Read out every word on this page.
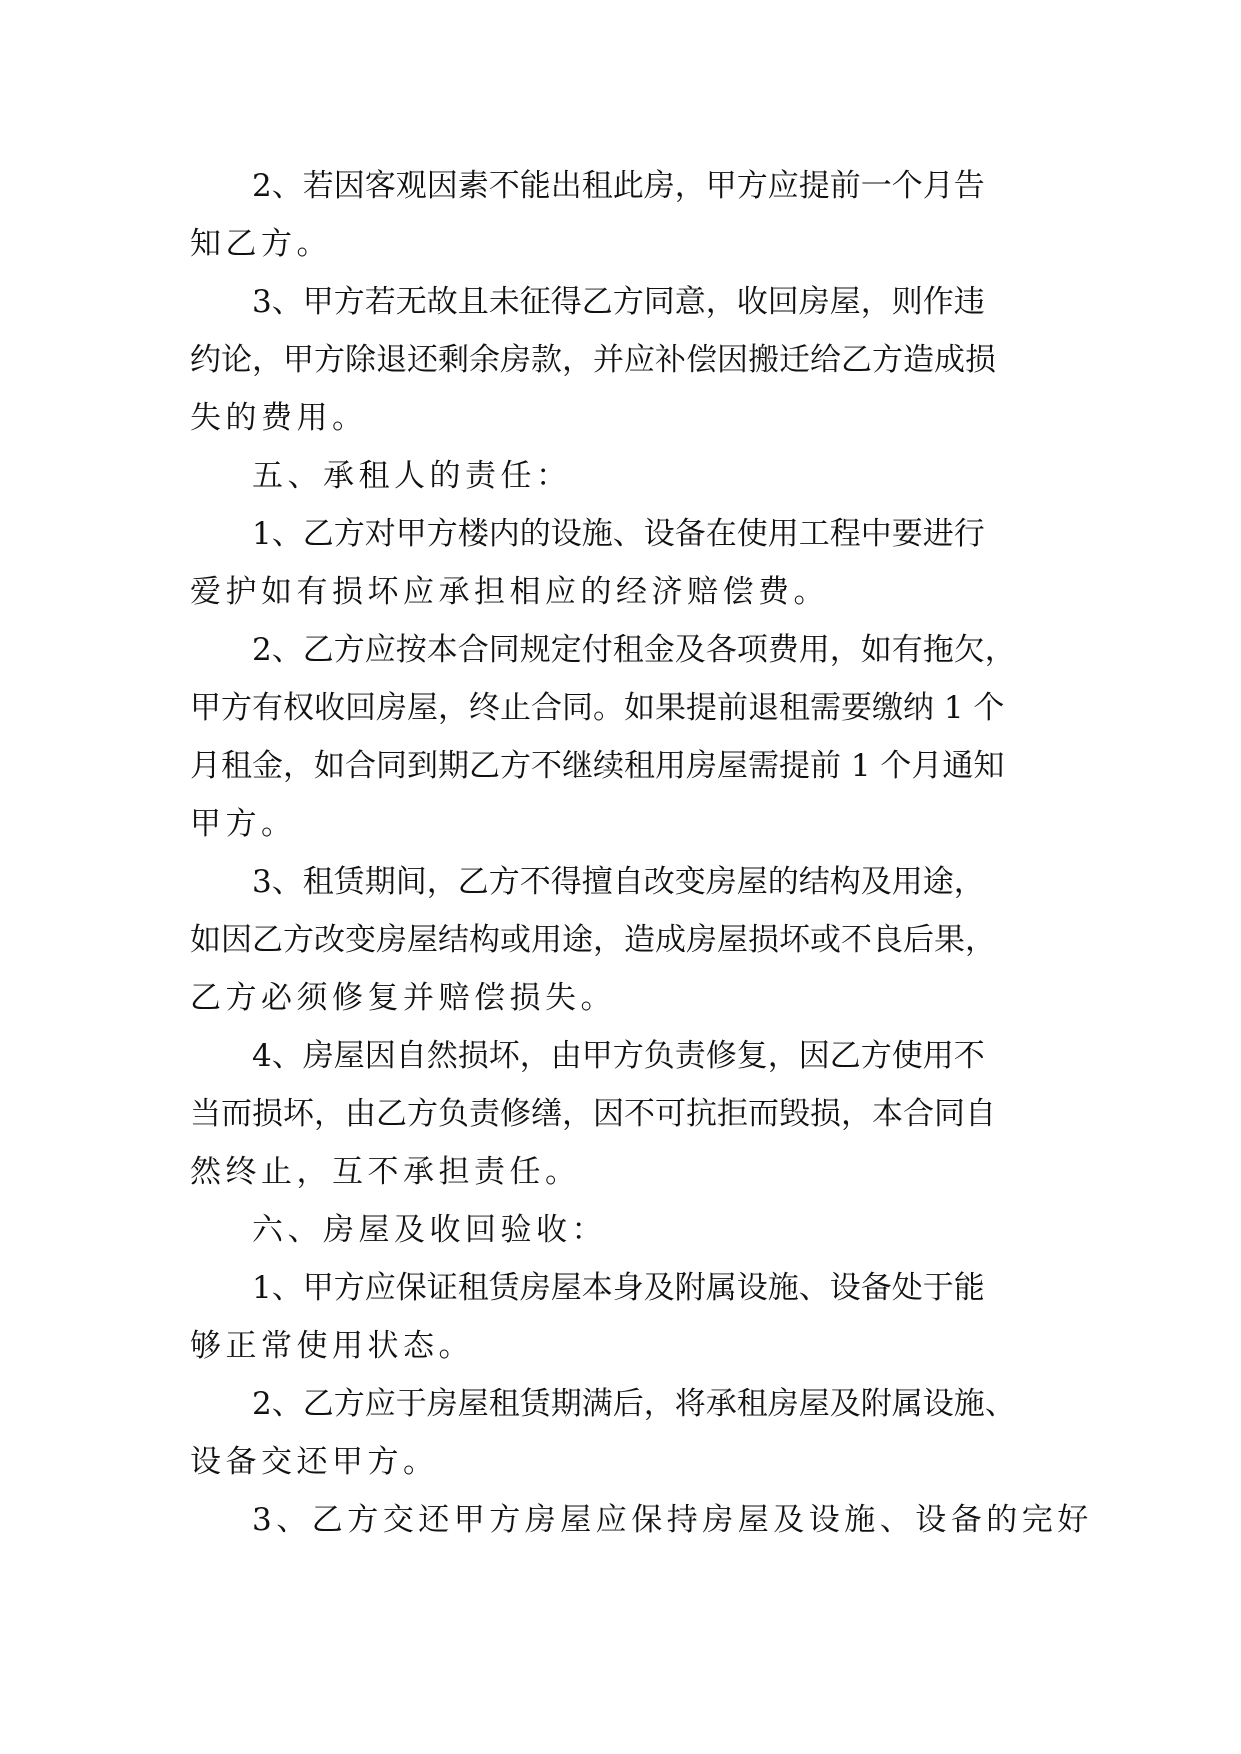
2、若因客观因素不能出租此房，甲方应提前一个月告
知乙方。

3、甲方若无故且未征得乙方同意，收回房屋，则作违
约论，甲方除退还剩余房款，并应补偿因搬迁给乙方造成损
失的费用。

五、承租人的责任：

1、乙方对甲方楼内的设施、设备在使用工程中要进行
爱护如有损坏应承担相应的经济赔偿费。

2、乙方应按本合同规定付租金及各项费用，如有拖欠，
甲方有权收回房屋，终止合同。如果提前退租需要缴纳 1 个
月租金，如合同到期乙方不继续租用房屋需提前 1 个月通知
甲方。

3、租赁期间，乙方不得擅自改变房屋的结构及用途，
如因乙方改变房屋结构或用途，造成房屋损坏或不良后果，
乙方必须修复并赔偿损失。

4、房屋因自然损坏，由甲方负责修复，因乙方使用不
当而损坏，由乙方负责修缮，因不可抗拒而毁损，本合同自
然终止，互不承担责任。

六、房屋及收回验收：

1、甲方应保证租赁房屋本身及附属设施、设备处于能
够正常使用状态。

2、乙方应于房屋租赁期满后，将承租房屋及附属设施、
设备交还甲方。

3、乙方交还甲方房屋应保持房屋及设施、设备的完好
